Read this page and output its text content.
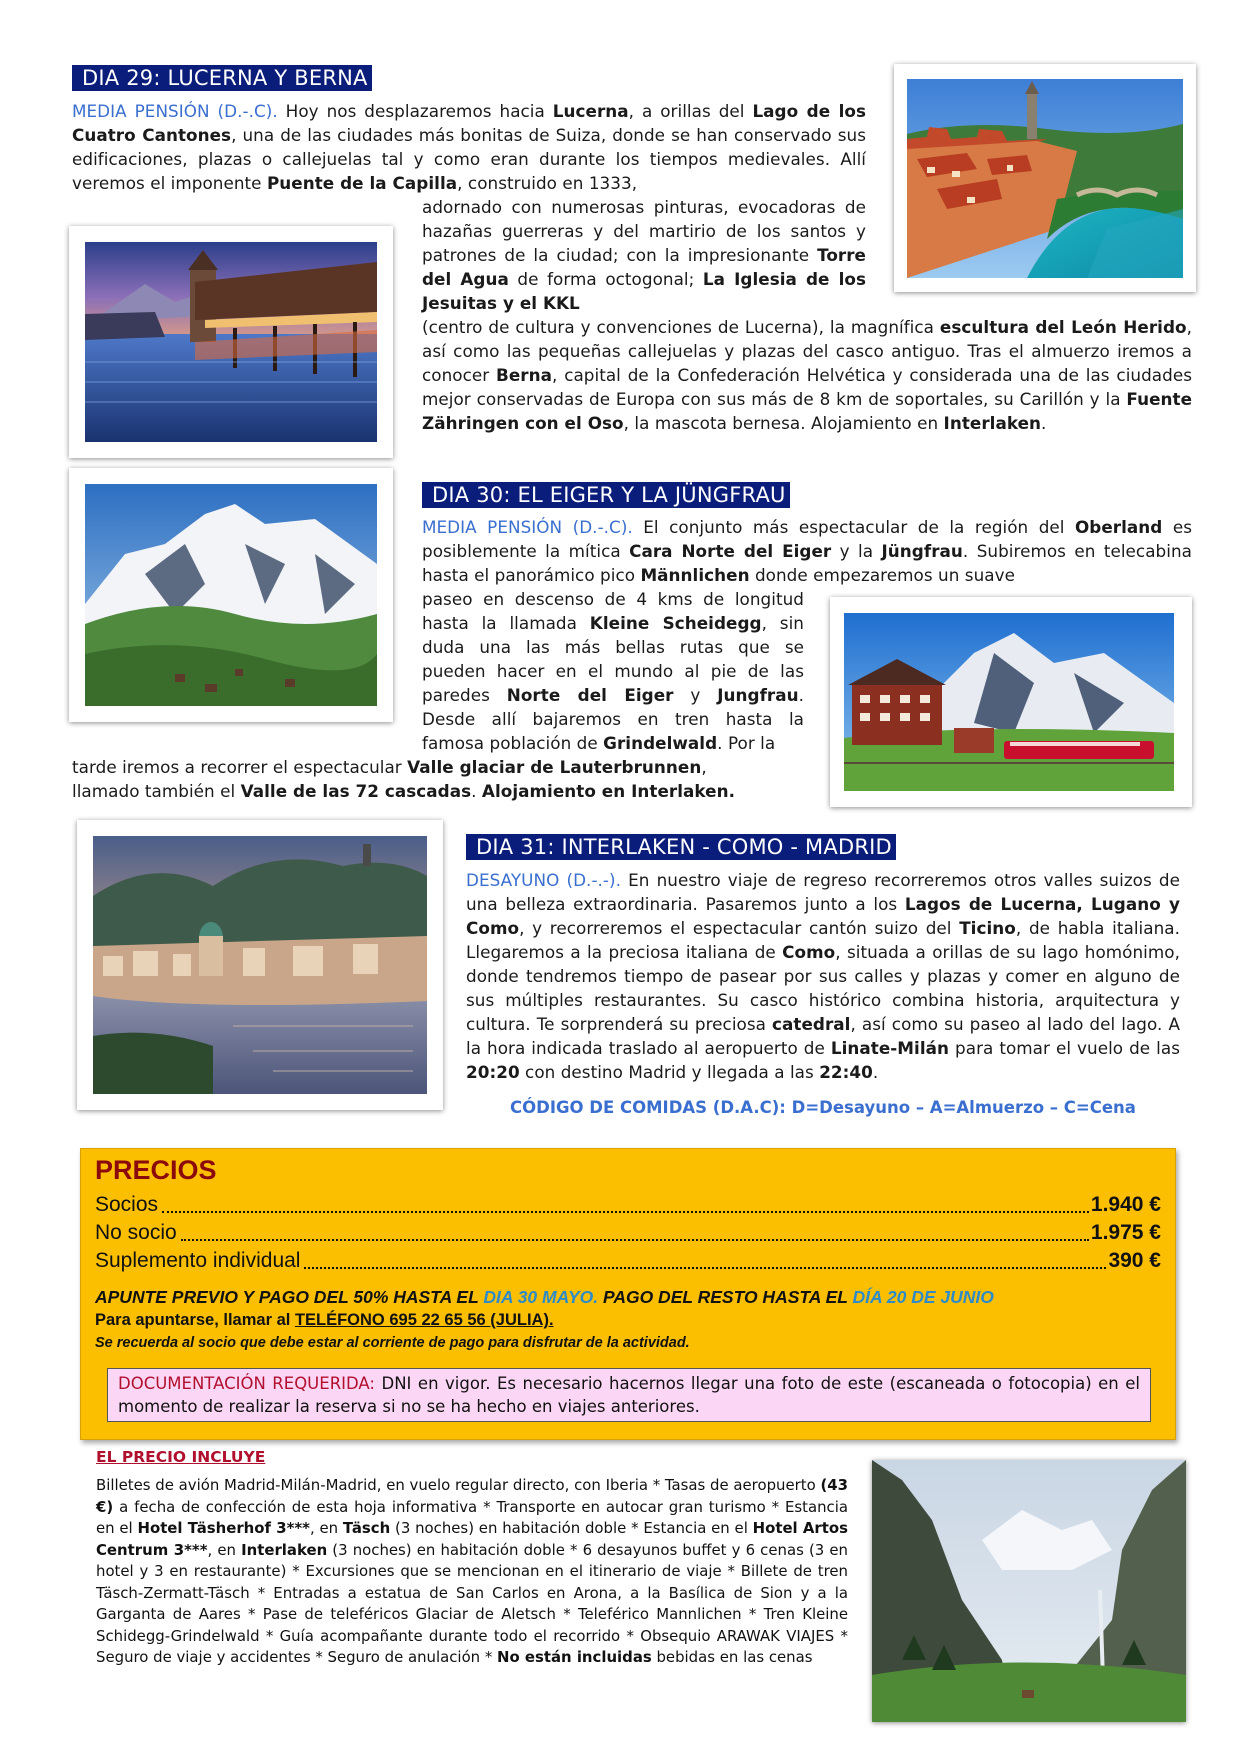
DIA 29: LUCERNA Y BERNA
MEDIA PENSIÓN (D.-.C). Hoy nos desplazaremos hacia Lucerna, a orillas del Lago de los Cuatro Cantones, una de las ciudades más bonitas de Suiza, donde se han conservado sus edificaciones, plazas o callejuelas tal y como eran durante los tiempos medievales. Allí veremos el imponente Puente de la Capilla, construido en 1333,
adornado con numerosas pinturas, evocadoras de hazañas guerreras y del martirio de los santos y patrones de la ciudad; con la impresionante Torre del Agua de forma octogonal; La Iglesia de los Jesuitas y el KKL
(centro de cultura y convenciones de Lucerna), la magnífica escultura del León Herido, así como las pequeñas callejuelas y plazas del casco antiguo. Tras el almuerzo iremos a conocer Berna, capital de la Confederación Helvética y considerada una de las ciudades mejor conservadas de Europa con sus más de 8 km de soportales, su Carillón y la Fuente Zähringen con el Oso, la mascota bernesa. Alojamiento en Interlaken.
DIA 30: EL EIGER Y LA JÜNGFRAU
MEDIA PENSIÓN (D.-.C). El conjunto más espectacular de la región del Oberland es posiblemente la mítica Cara Norte del Eiger y la Jüngfrau. Subiremos en telecabina hasta el panorámico pico Männlichen donde empezaremos un suave
paseo en descenso de 4 kms de longitud hasta la llamada Kleine Scheidegg, sin duda una las más bellas rutas que se pueden hacer en el mundo al pie de las paredes Norte del Eiger y Jungfrau. Desde allí bajaremos en tren hasta la famosa población de Grindelwald. Por la
tarde iremos a recorrer el espectacular Valle glaciar de Lauterbrunnen,
llamado también el Valle de las 72 cascadas. Alojamiento en Interlaken.
DIA 31: INTERLAKEN - COMO - MADRID
DESAYUNO (D.-.-). En nuestro viaje de regreso recorreremos otros valles suizos de una belleza extraordinaria. Pasaremos junto a los Lagos de Lucerna, Lugano y Como, y recorreremos el espectacular cantón suizo del Ticino, de habla italiana. Llegaremos a la preciosa italiana de Como, situada a orillas de su lago homónimo, donde tendremos tiempo de pasear por sus calles y plazas y comer en alguno de sus múltiples restaurantes. Su casco histórico combina historia, arquitectura y cultura. Te sorprenderá su preciosa catedral, así como su paseo al lado del lago. A la hora indicada traslado al aeropuerto de Linate-Milán para tomar el vuelo de las 20:20 con destino Madrid y llegada a las 22:40.
CÓDIGO DE COMIDAS (D.A.C): D=Desayuno – A=Almuerzo – C=Cena
PRECIOS
Socios	1.940 €
No socio	1.975 €
Suplemento individual	390 €
APUNTE PREVIO Y PAGO DEL 50% HASTA EL DIA 30 MAYO. PAGO DEL RESTO HASTA EL DÍA 20 DE JUNIO
Para apuntarse, llamar al TELÉFONO 695 22 65 56 (JULIA).
Se recuerda al socio que debe estar al corriente de pago para disfrutar de la actividad.
DOCUMENTACIÓN REQUERIDA: DNI en vigor. Es necesario hacernos llegar una foto de este (escaneada o fotocopia) en el momento de realizar la reserva si no se ha hecho en viajes anteriores.
EL PRECIO INCLUYE
Billetes de avión Madrid-Milán-Madrid, en vuelo regular directo, con Iberia * Tasas de aeropuerto (43 €) a fecha de confección de esta hoja informativa * Transporte en autocar gran turismo * Estancia en el Hotel Täsherhof 3***, en Täsch (3 noches) en habitación doble * Estancia en el Hotel Artos Centrum 3***, en Interlaken (3 noches) en habitación doble * 6 desayunos buffet y 6 cenas (3 en hotel y 3 en restaurante) * Excursiones que se mencionan en el itinerario de viaje * Billete de tren Täsch-Zermatt-Täsch * Entradas a estatua de San Carlos en Arona, a la Basílica de Sion y a la Garganta de Aares * Pase de teleféricos Glaciar de Aletsch * Teleférico Mannlichen * Tren Kleine Schidegg-Grindelwald * Guía acompañante durante todo el recorrido * Obsequio ARAWAK VIAJES * Seguro de viaje y accidentes * Seguro de anulación * No están incluidas bebidas en las cenas
